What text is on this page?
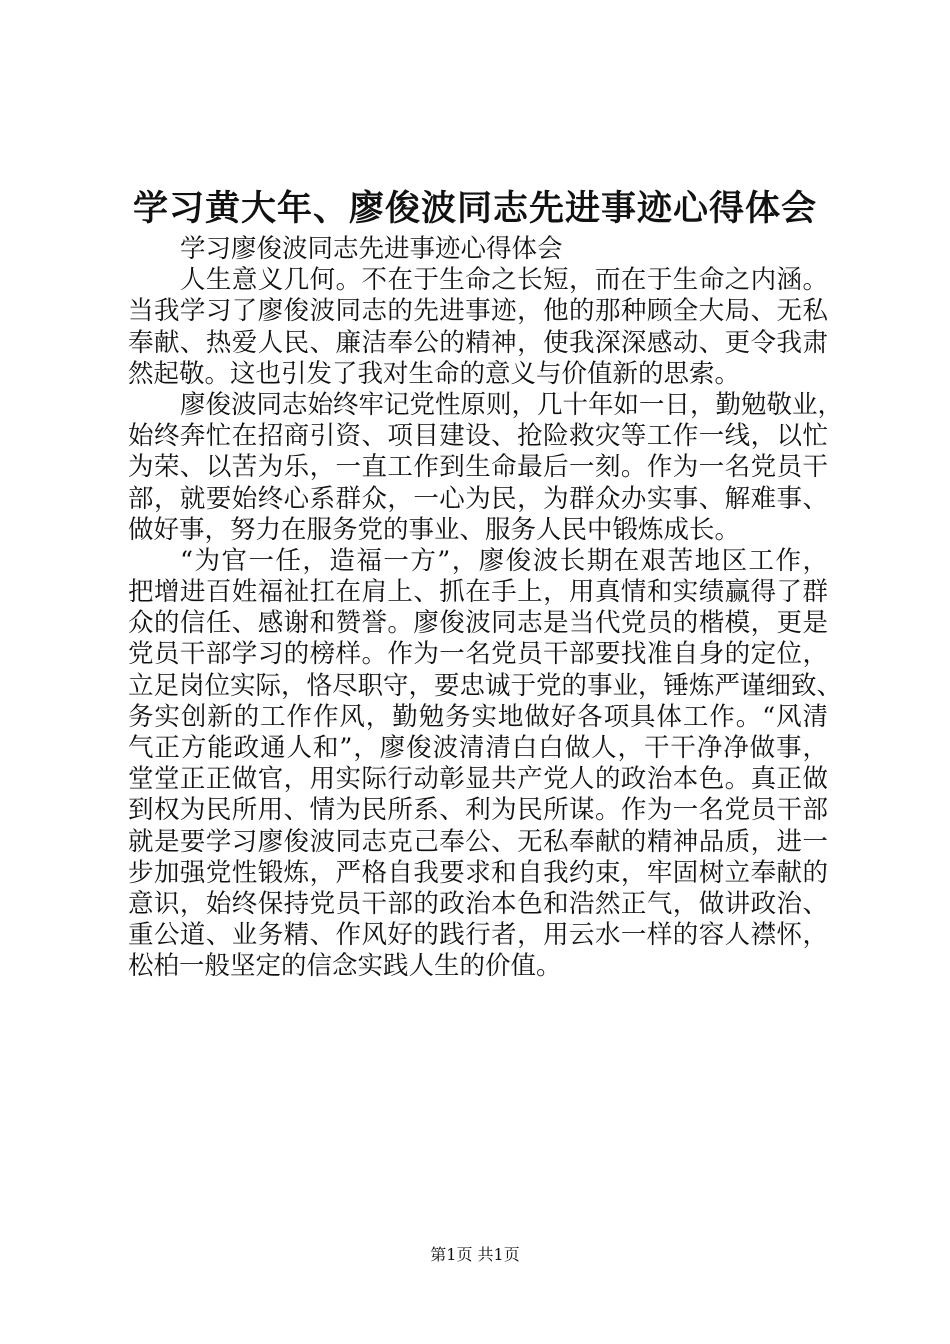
学习黄大年、廖俊波同志先进事迹心得体会
学习廖俊波同志先进事迹心得体会
人生意义几何。不在于生命之长短，而在于生命之内涵。
当我学习了廖俊波同志的先进事迹，他的那种顾全大局、无私
奉献、热爱人民、廉洁奉公的精神，使我深深感动、更令我肃
然起敬。这也引发了我对生命的意义与价值新的思索。
廖俊波同志始终牢记党性原则，几十年如一日，勤勉敬业，
始终奔忙在招商引资、项目建设、抢险救灾等工作一线，以忙
为荣、以苦为乐，一直工作到生命最后一刻。作为一名党员干
部，就要始终心系群众，一心为民，为群众办实事、解难事、
做好事，努力在服务党的事业、服务人民中锻炼成长。
“为官一任，造福一方”，廖俊波长期在艰苦地区工作，
把增进百姓福祉扛在肩上、抓在手上，用真情和实绩赢得了群
众的信任、感谢和赞誉。廖俊波同志是当代党员的楷模，更是
党员干部学习的榜样。作为一名党员干部要找准自身的定位，
立足岗位实际，恪尽职守，要忠诚于党的事业，锤炼严谨细致、
务实创新的工作作风，勤勉务实地做好各项具体工作。“风清
气正方能政通人和”，廖俊波清清白白做人，干干净净做事，
堂堂正正做官，用实际行动彰显共产党人的政治本色。真正做
到权为民所用、情为民所系、利为民所谋。作为一名党员干部
就是要学习廖俊波同志克己奉公、无私奉献的精神品质，进一
步加强党性锻炼，严格自我要求和自我约束，牢固树立奉献的
意识，始终保持党员干部的政治本色和浩然正气，做讲政治、
重公道、业务精、作风好的践行者，用云水一样的容人襟怀，
松柏一般坚定的信念实践人生的价值。
第1页 共1页
